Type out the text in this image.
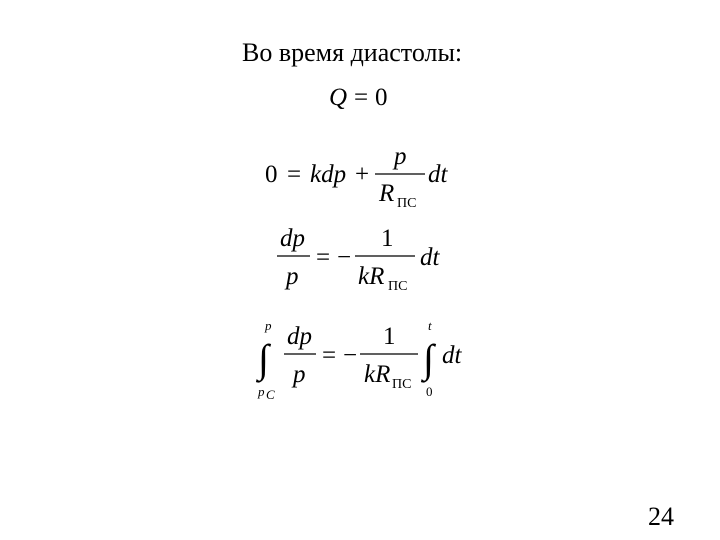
Во время диастолы:
Q = 0
0 = kdp +
p
R ПС
dt
dp
p
= −
1
kR ПС
dt
p
∫
p C
dp
p
= −
1
kR ПС
t
∫
0
dt
24
